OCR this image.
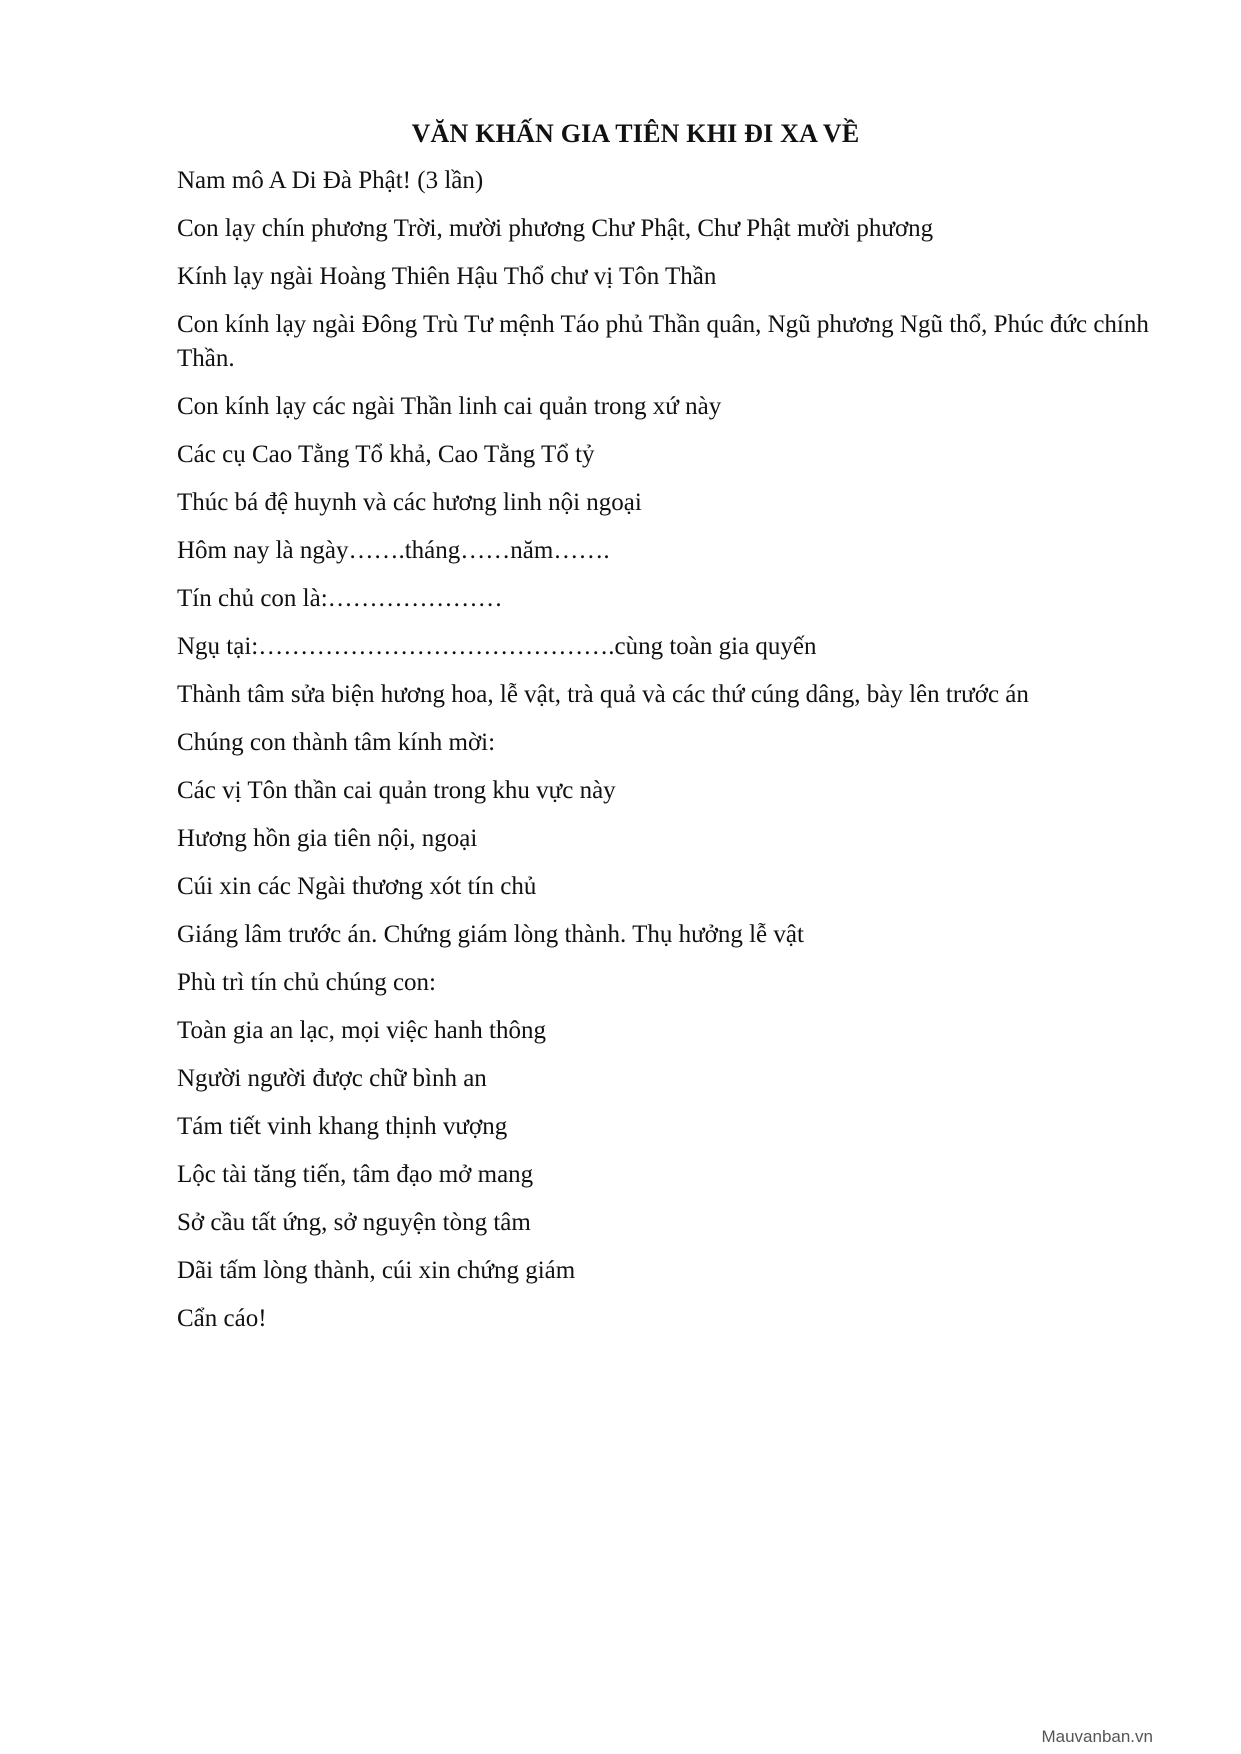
VĂN KHẤN GIA TIÊN KHI ĐI XA VỀ

Nam mô A Di Đà Phật! (3 lần)

Con lạy chín phương Trời, mười phương Chư Phật, Chư Phật mười phương

Kính lạy ngài Hoàng Thiên Hậu Thổ chư vị Tôn Thần

Con kính lạy ngài Đông Trù Tư mệnh Táo phủ Thần quân, Ngũ phương Ngũ thổ, Phúc đức chính Thần.

Con kính lạy các ngài Thần linh cai quản trong xứ này

Các cụ Cao Tằng Tổ khả, Cao Tằng Tổ tỷ

Thúc bá đệ huynh và các hương linh nội ngoại

Hôm nay là ngày…….tháng……năm…….

Tín chủ con là:…………………

Ngụ tại:…………………………………….cùng toàn gia quyến

Thành tâm sửa biện hương hoa, lễ vật, trà quả và các thứ cúng dâng, bày lên trước án

Chúng con thành tâm kính mời:

Các vị Tôn thần cai quản trong khu vực này

Hương hồn gia tiên nội, ngoại

Cúi xin các Ngài thương xót tín chủ

Giáng lâm trước án. Chứng giám lòng thành. Thụ hưởng lễ vật

Phù trì tín chủ chúng con:

Toàn gia an lạc, mọi việc hanh thông

Người người được chữ bình an

Tám tiết vinh khang thịnh vượng

Lộc tài tăng tiến, tâm đạo mở mang

Sở cầu tất ứng, sở nguyện tòng tâm

Dãi tấm lòng thành, cúi xin chứng giám

Cẩn cáo!

Mauvanban.vn
